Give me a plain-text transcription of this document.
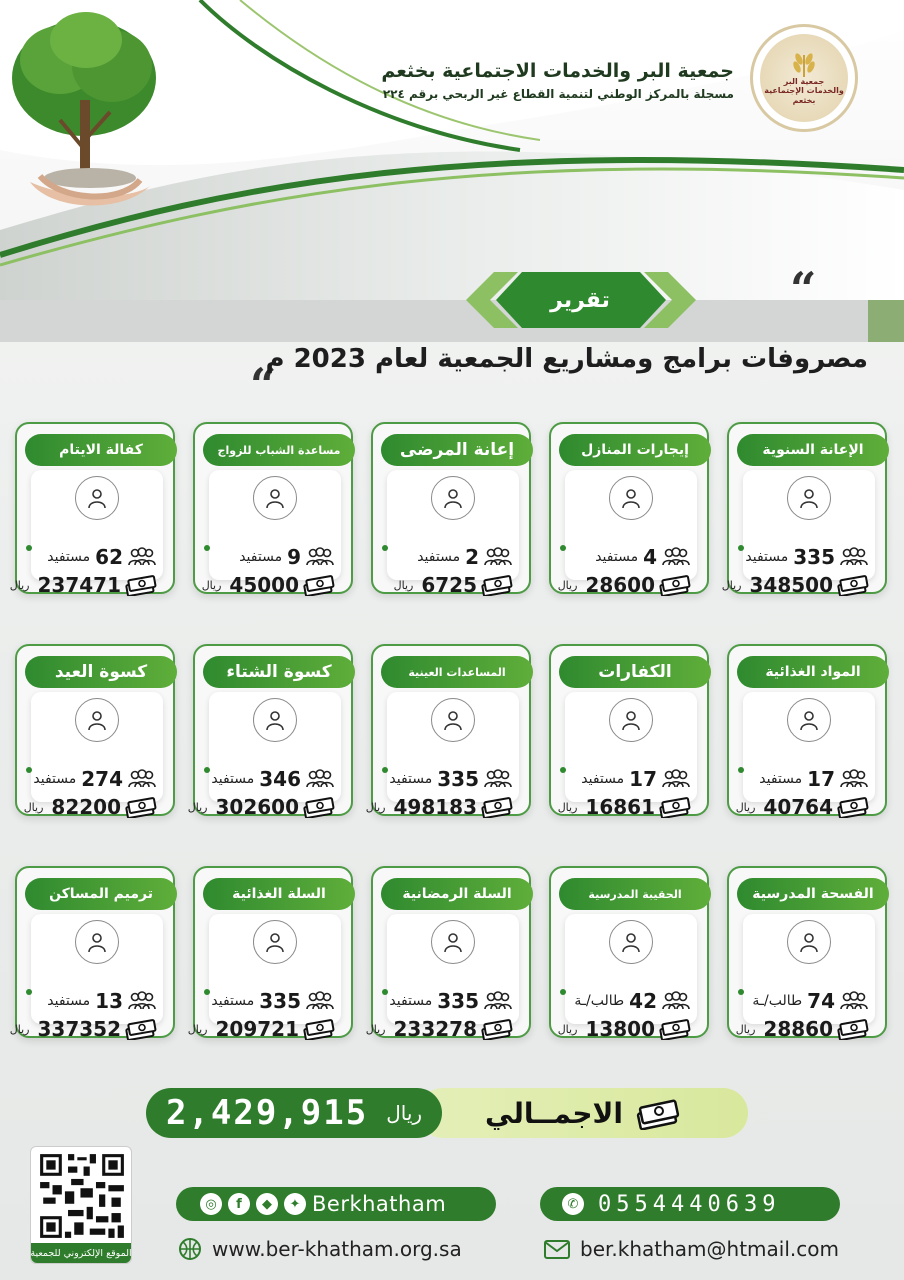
جمعية البر
والخدمات الإجتماعية
بخثعم
جمعية البر والخدمات الاجتماعية بخثعم
مسجلة بالمركز الوطني لتنمية القطاع غير الربحي برقم ٢٢٤
تقرير	“
“
مصروفات برامج ومشاريع الجمعية لعام 2023 م
الإعانة السنوية
335
مستفيد
348500
ريال
إيجارات المنازل
4
مستفيد
28600
ريال
إعانة المرضى
2
مستفيد
6725
ريال
مساعدة الشباب للزواج
9
مستفيد
45000
ريال
كفالة الايتام
62
مستفيد
237471
ريال
المواد الغذائية
17
مستفيد
40764
ريال
الكفارات
17
مستفيد
16861
ريال
المساعدات العينية
335
مستفيد
498183
ريال
كسوة الشتاء
346
مستفيد
302600
ريال
كسوة العيد
274
مستفيد
82200
ريال
الفسحة المدرسية
74
طالب/ـة
28860
ريال
الحقيبة المدرسية
42
طالب/ـة
13800
ريال
السلة الرمضانية
335
مستفيد
233278
ريال
السلة الغذائية
335
مستفيد
209721
ريال
ترميم المساكن
13
مستفيد
337352
ريال
الاجمــالي
2,429,915 ريال
الموقع الإلكتروني للجمعية
◎	f	◆	✦ Berkhatham	✆ 0554440639
www.ber-khatham.org.sa	ber.khatham@htmail.com
